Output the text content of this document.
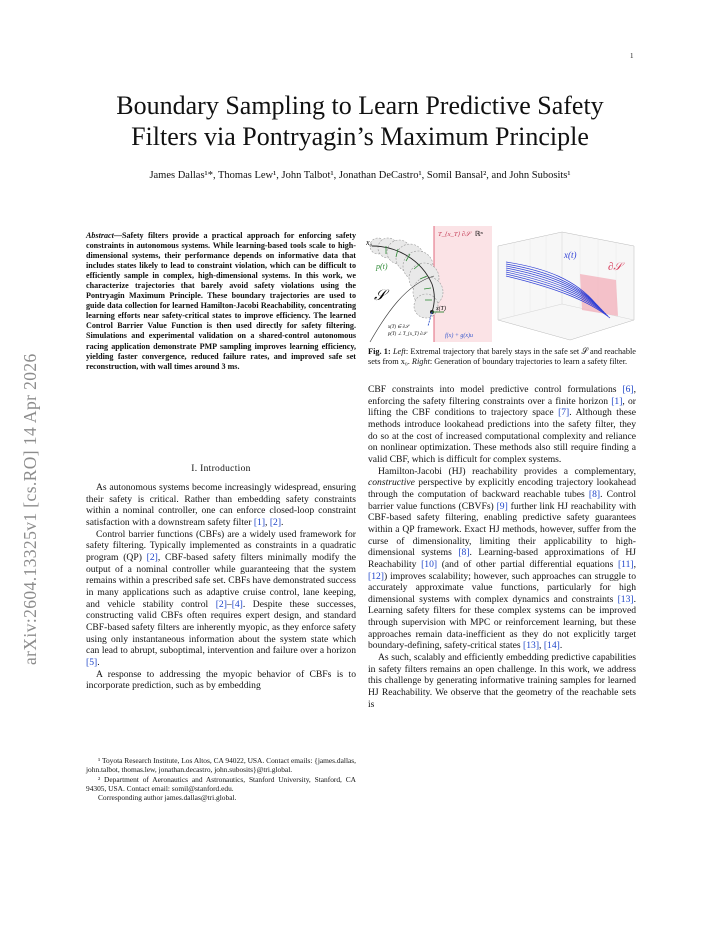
1
arXiv:2604.13325v1 [cs.RO] 14 Apr 2026
Boundary Sampling to Learn Predictive Safety
Filters via Pontryagin’s Maximum Principle
James Dallas¹*, Thomas Lew¹, John Talbot¹, Jonathan DeCastro¹, Somil Bansal², and John Subosits¹
Abstract—Safety filters provide a practical approach for enforcing safety constraints in autonomous systems. While learning-based tools scale to high-dimensional systems, their performance depends on informative data that includes states likely to lead to constraint violation, which can be difficult to efficiently sample in complex, high-dimensional systems. In this work, we characterize trajectories that barely avoid safety violations using the Pontryagin Maximum Principle. These boundary trajectories are used to guide data collection for learned Hamilton-Jacobi Reachability, concentrating learning efforts near safety-critical states to improve efficiency. The learned Control Barrier Value Function is then used directly for safety filtering. Simulations and experimental validation on a shared-control autonomous racing application demonstrate PMP sampling improves learning efficiency, yielding faster convergence, reduced failure rates, and improved safe set reconstruction, with wall times around 3 ms.
I. Introduction

As autonomous systems become increasingly widespread, ensuring their safety is critical. Rather than embedding safety constraints within a nominal controller, one can enforce closed-loop constraint satisfaction with a downstream safety filter [1], [2].

Control barrier functions (CBFs) are a widely used framework for safety filtering. Typically implemented as constraints in a quadratic program (QP) [2], CBF-based safety filters minimally modify the output of a nominal controller while guaranteeing that the system remains within a prescribed safe set. CBFs have demonstrated success in many applications such as adaptive cruise control, lane keeping, and vehicle stability control [2]–[4]. Despite these successes, constructing valid CBFs often requires expert design, and standard CBF-based safety filters are inherently myopic, as they enforce safety using only instantaneous information about the system state which can lead to abrupt, suboptimal, intervention and failure over a horizon [5].

A response to addressing the myopic behavior of CBFs is to incorporate prediction, such as by embedding

¹ Toyota Research Institute, Los Altos, CA 94022, USA. Contact emails: {james.dallas, john.talbot, thomas.lew, jonathan.decastro, john.subosits}@tri.global.

² Department of Aeronautics and Astronautics, Stanford University, Stanford, CA 94305, USA. Contact email: somil@stanford.edu.

Corresponding author james.dallas@tri.global.

x₀
p(t)
𝒮
T_{x_T} ∂𝒮 ℝⁿ
x(T)
x(T) ∈ ∂𝒮
p(T) ⊥ T_{x_T} ∂𝒮	f(x) + g(x)u
x(t)
∂𝒮
Fig. 1: Left: Extremal trajectory that barely stays in the safe set 𝒮 and reachable sets from x₀. Right: Generation of boundary trajectories to learn a safety filter.

CBF constraints into model predictive control formulations [6], enforcing the safety filtering constraints over a finite horizon [1], or lifting the CBF conditions to trajectory space [7]. Although these methods introduce lookahead predictions into the safety filter, they do so at the cost of increased computational complexity and reliance on nonlinear optimization. These methods also still require finding a valid CBF, which is difficult for complex systems.

Hamilton-Jacobi (HJ) reachability provides a complementary, constructive perspective by explicitly encoding trajectory lookahead through the computation of backward reachable tubes [8]. Control barrier value functions (CBVFs) [9] further link HJ reachability with CBF-based safety filtering, enabling predictive safety guarantees within a QP framework. Exact HJ methods, however, suffer from the curse of dimensionality, limiting their applicability to high-dimensional systems [8]. Learning-based approximations of HJ Reachability [10] (and of other partial differential equations [11], [12]) improves scalability; however, such approaches can struggle to accurately approximate value functions, particularly for high dimensional systems with complex dynamics and constraints [13]. Learning safety filters for these complex systems can be improved through supervision with MPC or reinforcement learning, but these approaches remain data-inefficient as they do not explicitly target boundary-defining, safety-critical states [13], [14].

As such, scalably and efficiently embedding predictive capabilities in safety filters remains an open challenge. In this work, we address this challenge by generating informative training samples for learned HJ Reachability. We observe that the geometry of the reachable sets is
